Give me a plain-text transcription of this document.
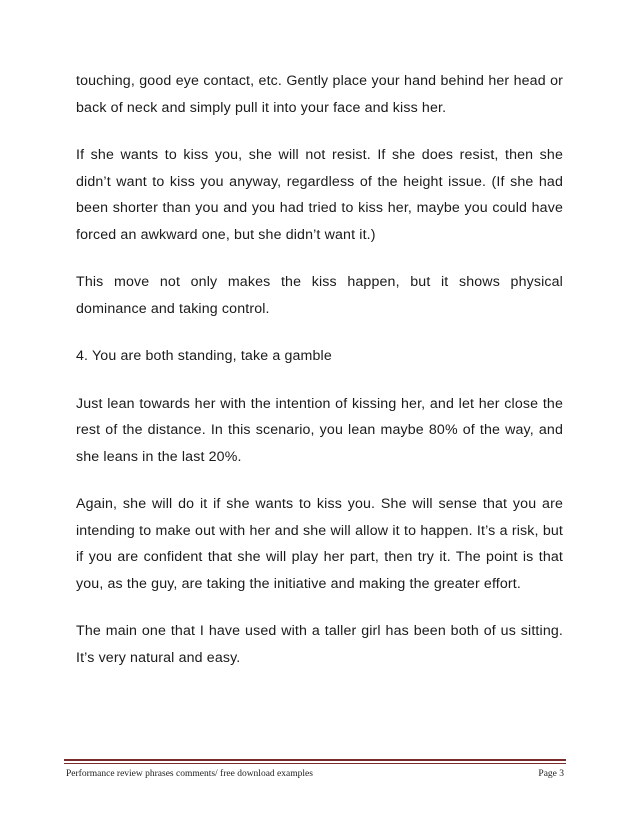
touching, good eye contact, etc. Gently place your hand behind her head or back of neck and simply pull it into your face and kiss her.

If she wants to kiss you, she will not resist. If she does resist, then she didn’t want to kiss you anyway, regardless of the height issue. (If she had been shorter than you and you had tried to kiss her, maybe you could have forced an awkward one, but she didn’t want it.)

This move not only makes the kiss happen, but it shows physical dominance and taking control.

4. You are both standing, take a gamble

Just lean towards her with the intention of kissing her, and let her close the rest of the distance. In this scenario, you lean maybe 80% of the way, and she leans in the last 20%.

Again, she will do it if she wants to kiss you. She will sense that you are intending to make out with her and she will allow it to happen. It’s a risk, but if you are confident that she will play her part, then try it. The point is that you, as the guy, are taking the initiative and making the greater effort.

The main one that I have used with a taller girl has been both of us sitting. It’s very natural and easy.

Performance review phrases comments/ free download examples	Page 3
